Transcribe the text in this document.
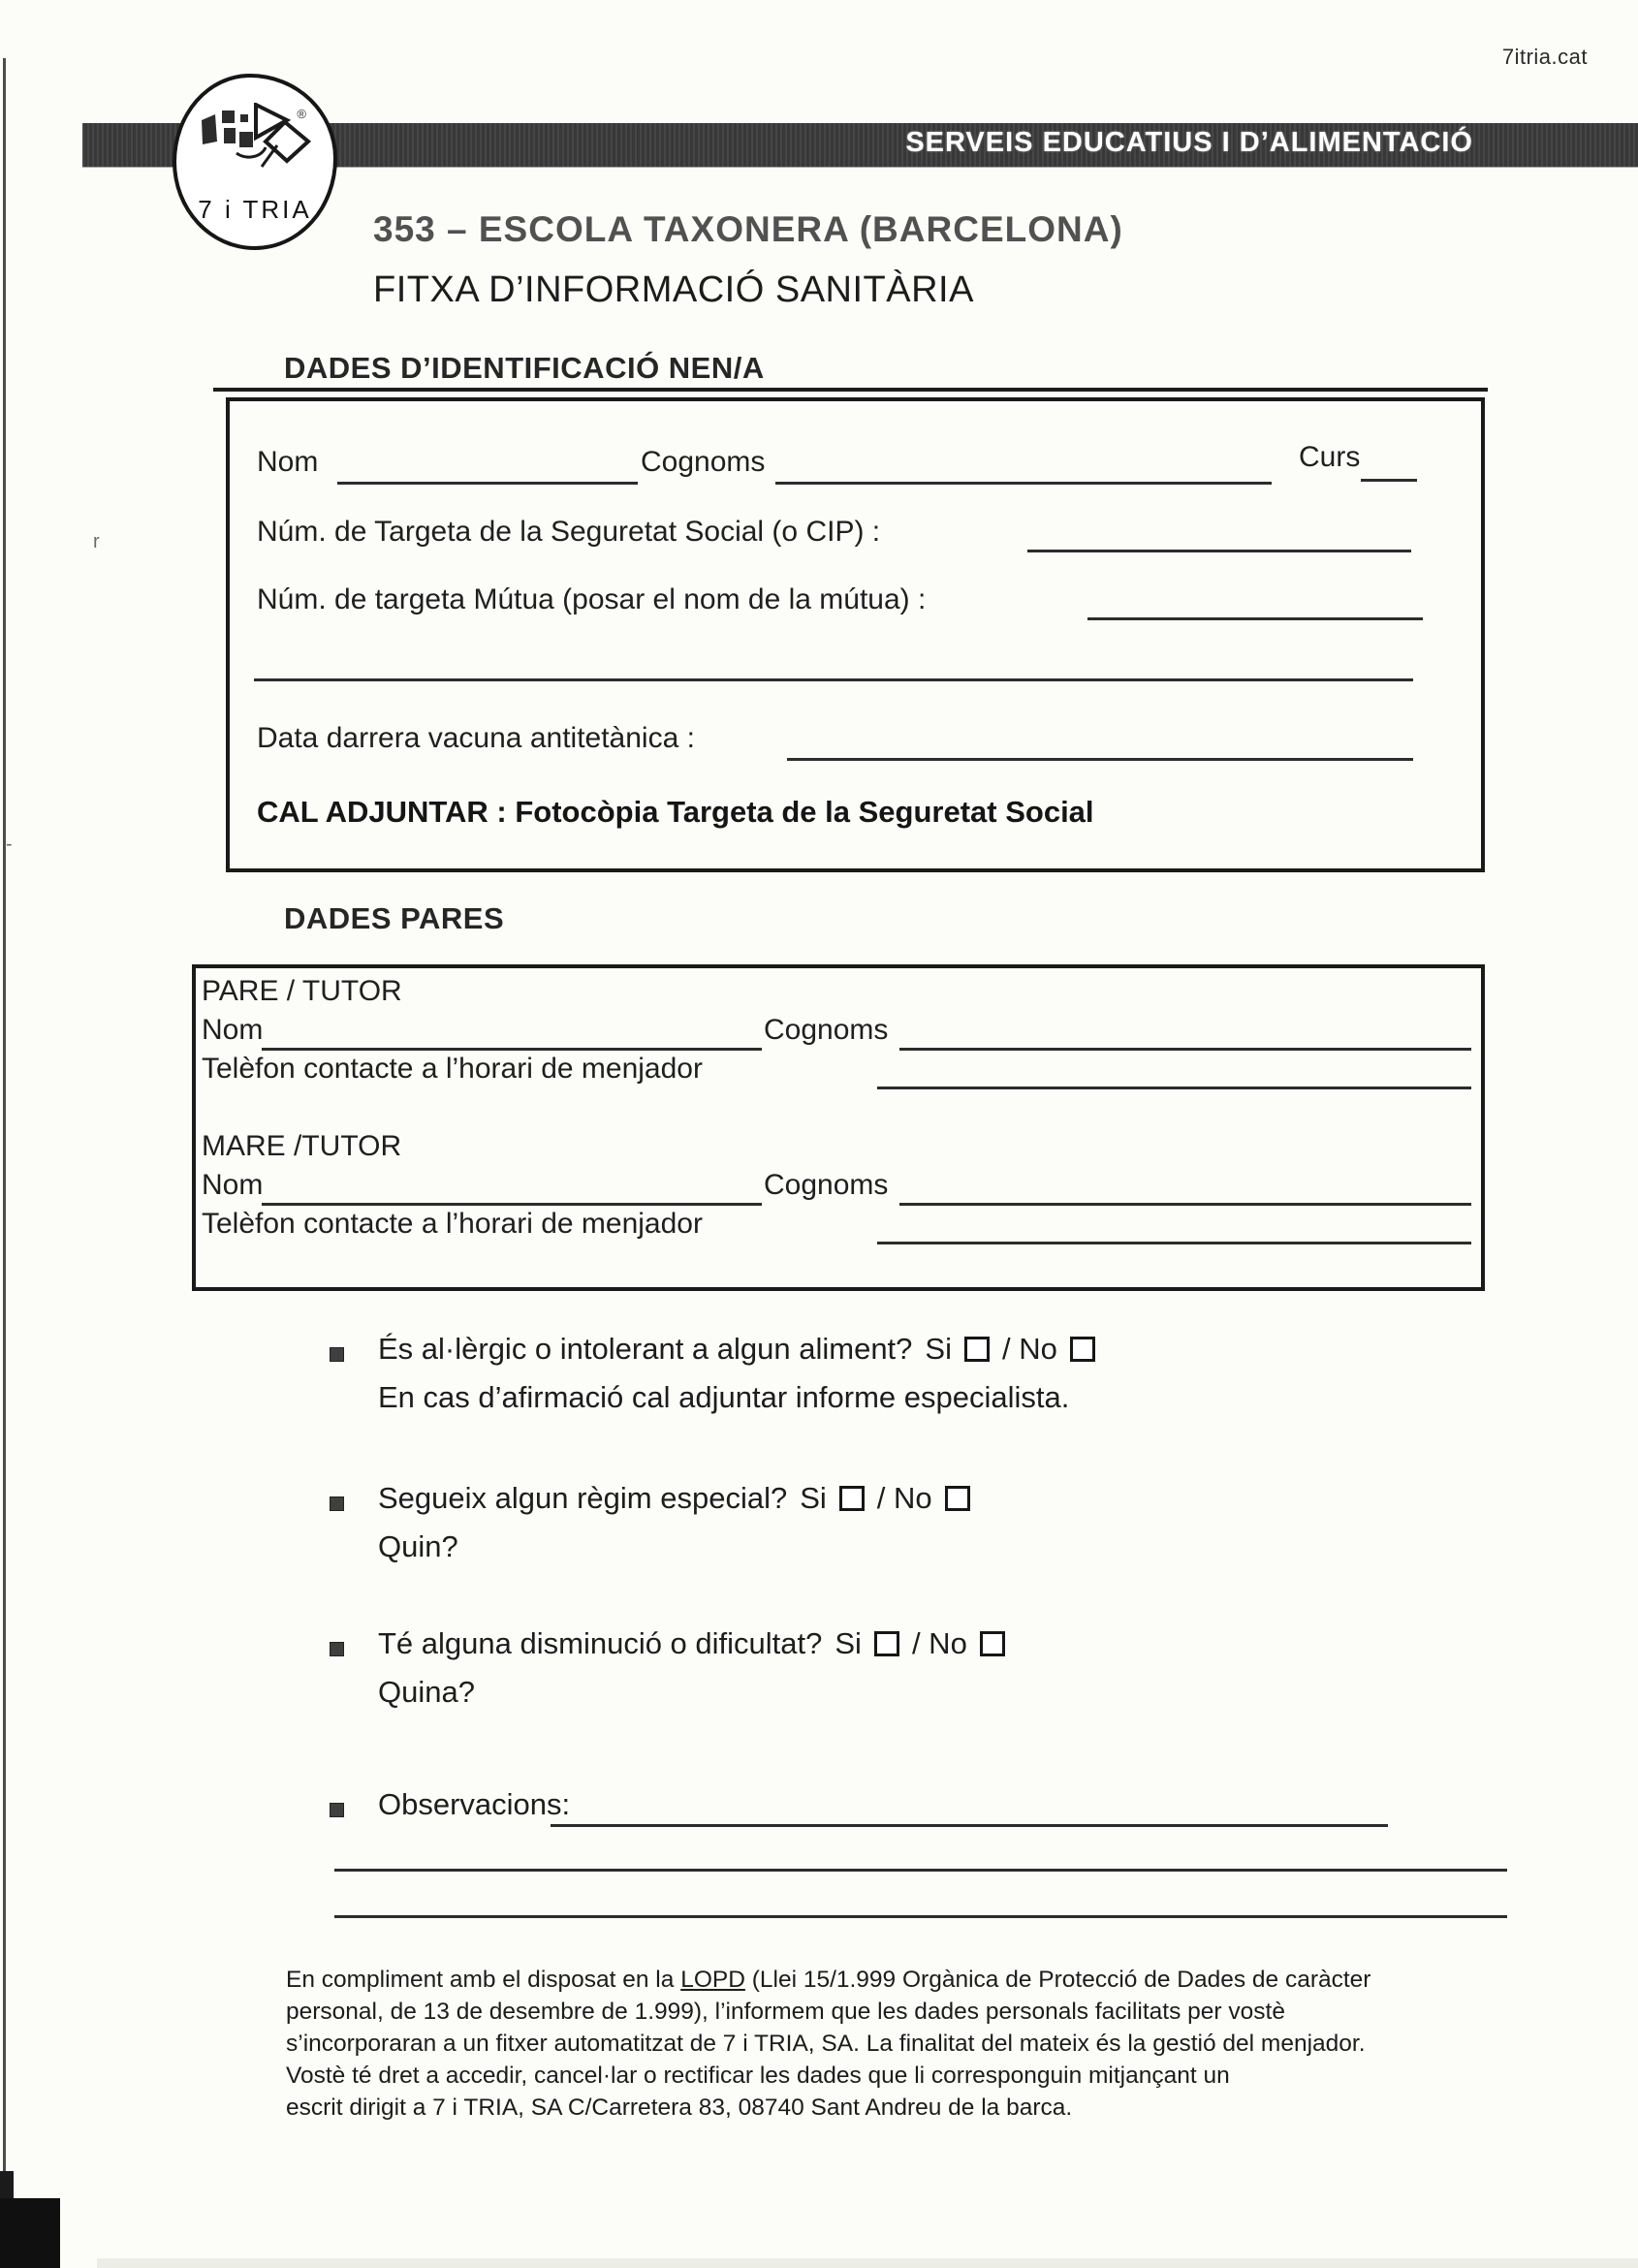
r
-
7itria.cat
SERVEIS EDUCATIUS I D’ALIMENTACIÓ
®
7 i TRIA	353 – ESCOLA TAXONERA (BARCELONA)
FITXA D’INFORMACIÓ SANITÀRIA
DADES D’IDENTIFICACIÓ NEN/A
Nom	Cognoms	Curs
Núm. de Targeta de la Seguretat Social (o CIP) :
Núm. de targeta Mútua (posar el nom de la mútua) :
Data darrera vacuna antitetànica :
CAL ADJUNTAR : Fotocòpia Targeta de la Seguretat Social
DADES PARES
PARE / TUTOR
Nom	Cognoms
Telèfon contacte a l’horari de menjador
MARE /TUTOR
Nom	Cognoms
Telèfon contacte a l’horari de menjador
És al·lèrgic o intolerant a algun aliment? Si / No
En cas d’afirmació cal adjuntar informe especialista.
Segueix algun règim especial? Si / No
Quin?
Té alguna disminució o dificultat? Si / No
Quina?
Observacions:
En compliment amb el disposat en la LOPD (Llei 15/1.999 Orgànica de Protecció de Dades de caràcter
personal, de 13 de desembre de 1.999), l’informem que les dades personals facilitats per vostè
s’incorporaran a un fitxer automatitzat de 7 i TRIA, SA. La finalitat del mateix és la gestió del menjador.
Vostè té dret a accedir, cancel·lar o rectificar les dades que li corresponguin mitjançant un
escrit dirigit a 7 i TRIA, SA C/Carretera 83, 08740 Sant Andreu de la barca.
